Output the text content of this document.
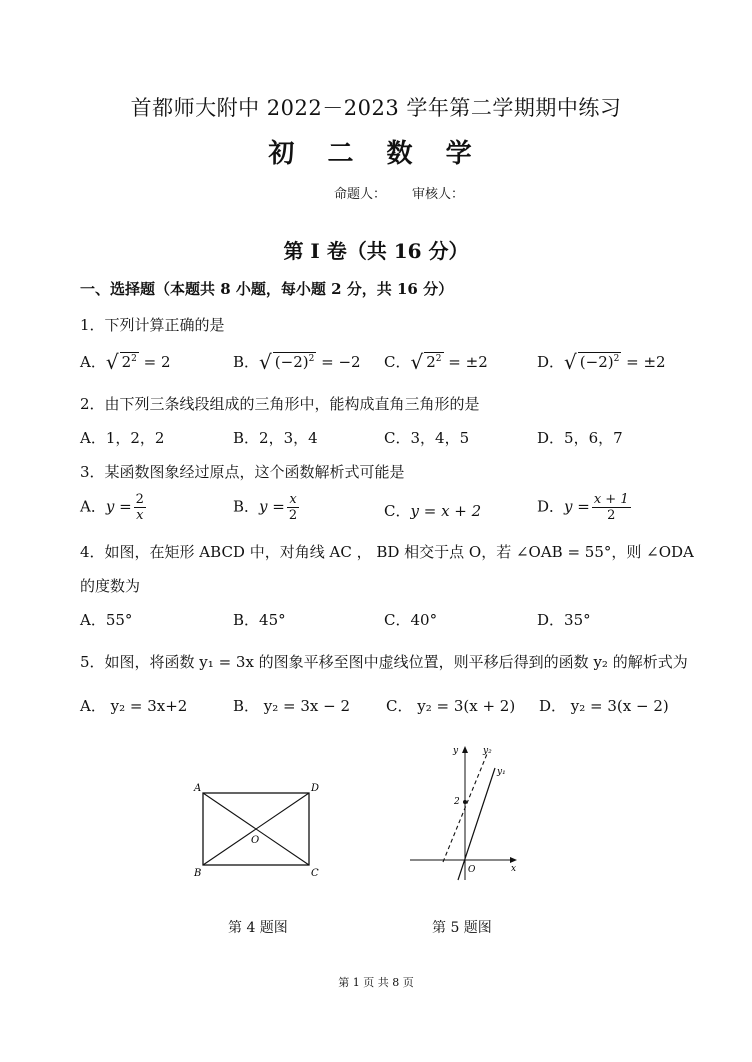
首都师大附中 2022－2023 学年第二学期期中练习
初 二 数 学
命题人： 审核人：
第 I 卷（共 16 分）
一、选择题（本题共 8 小题，每小题 2 分，共 16 分）
1．下列计算正确的是
A．√ $2^2 = 2$	B．√ $(-2)^2 = -2$ C．√ $2^2 = \pm 2$	D．√ $(-2)^2 = \pm 2$
2．由下列三条线段组成的三角形中，能构成直角三角形的是
A．1，2，2	B．2，3，4	C．3，4，5	D．5，6，7
3．某函数图象经过原点，这个函数解析式可能是
A．$y = \frac{2}{x}$	B．$y = \frac{x}{2}$	C．y = x + 2	D．$y = \frac{x + 1}{2}$
4．如图，在矩形 ABCD 中，对角线 AC ， BD 相交于点 O，若 ∠OAB = 55°，则 ∠ODA
的度数为
A．55°	B．45°	C．40°	D．35°
5．如图，将函数 y₁ = 3x 的图象平移至图中虚线位置，则平移后得到的函数 y₂ 的解析式为
A． y₂ = 3x+2	B． y₂ = 3x − 2 C． y₂ = 3(x + 2) D． y₂ = 3(x − 2)
A	D
B	C
O
y	y₂
y₁
2
O	x
第 4 题图	第 5 题图
第 1 页 共 8 页
